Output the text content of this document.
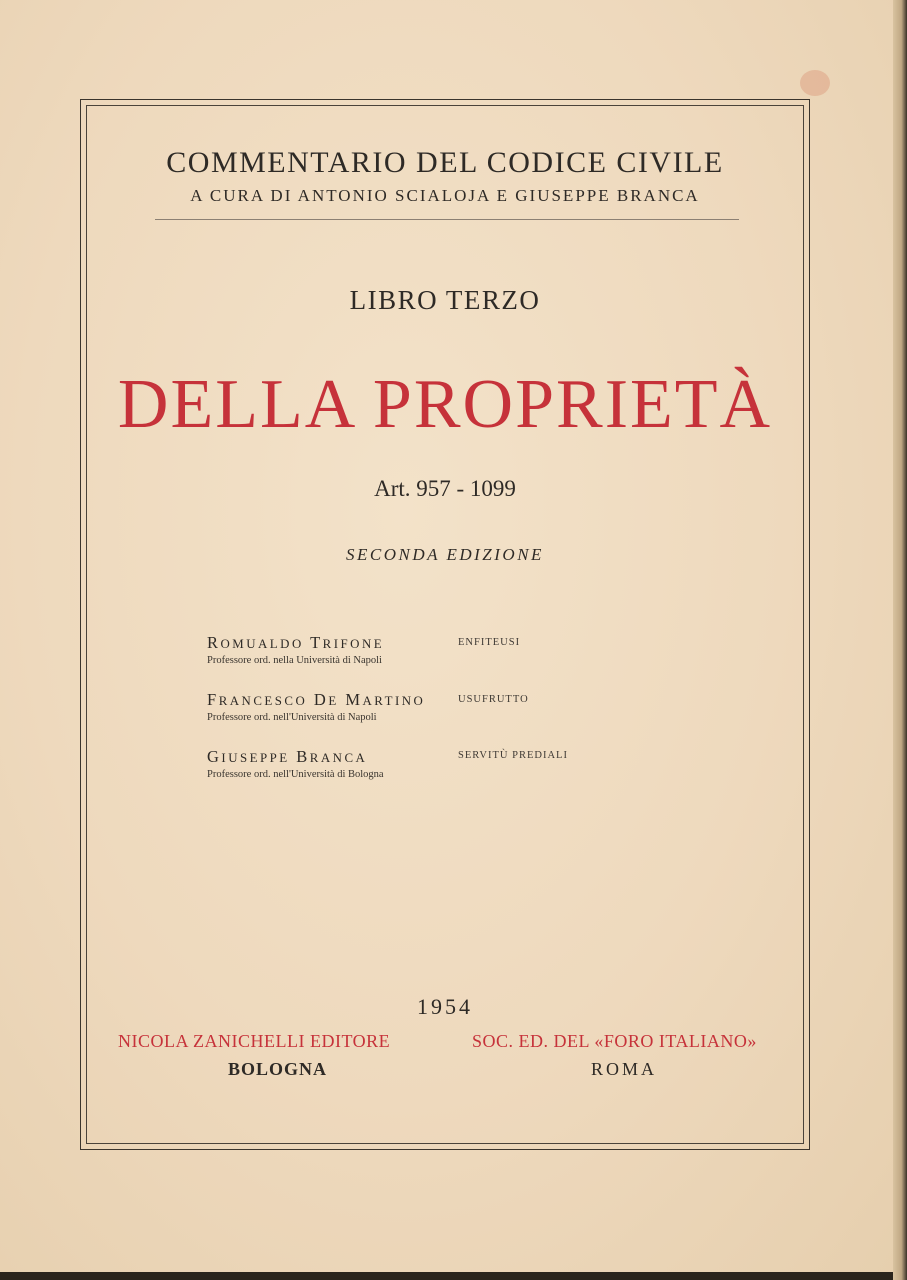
COMMENTARIO DEL CODICE CIVILE
A CURA DI ANTONIO SCIALOJA E GIUSEPPE BRANCA
LIBRO TERZO
DELLA PROPRIETÀ
Art. 957 - 1099
SECONDA EDIZIONE
ROMUALDO TRIFONE
Professore ord. nella Università di Napoli
ENFITEUSI
FRANCESCO DE MARTINO
Professore ord. nell'Università di Napoli
USUFRUTTO
GIUSEPPE BRANCA
Professore ord. nell'Università di Bologna
SERVITÙ PREDIALI
1954
NICOLA ZANICHELLI EDITORE	SOC. ED. DEL «FORO ITALIANO»
BOLOGNA	ROMA
